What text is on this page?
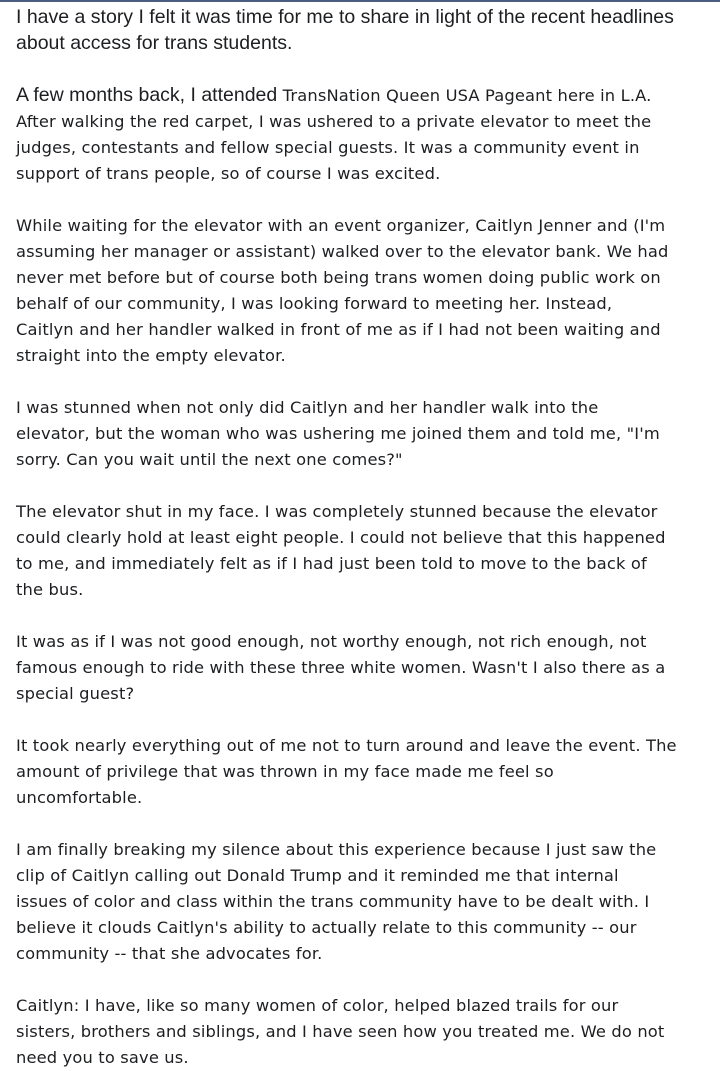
I have a story I felt it was time for me to share in light of the recent headlines
about access for trans students.

A few months back, I attended TransNation Queen USA Pageant here in L.A.
After walking the red carpet, I was ushered to a private elevator to meet the
judges, contestants and fellow special guests. It was a community event in
support of trans people, so of course I was excited.

While waiting for the elevator with an event organizer, Caitlyn Jenner and (I'm
assuming her manager or assistant) walked over to the elevator bank. We had
never met before but of course both being trans women doing public work on
behalf of our community, I was looking forward to meeting her. Instead,
Caitlyn and her handler walked in front of me as if I had not been waiting and
straight into the empty elevator.

I was stunned when not only did Caitlyn and her handler walk into the
elevator, but the woman who was ushering me joined them and told me, "I'm
sorry. Can you wait until the next one comes?"

The elevator shut in my face. I was completely stunned because the elevator
could clearly hold at least eight people. I could not believe that this happened
to me, and immediately felt as if I had just been told to move to the back of
the bus.

It was as if I was not good enough, not worthy enough, not rich enough, not
famous enough to ride with these three white women. Wasn't I also there as a
special guest?

It took nearly everything out of me not to turn around and leave the event. The
amount of privilege that was thrown in my face made me feel so
uncomfortable.

I am finally breaking my silence about this experience because I just saw the
clip of Caitlyn calling out Donald Trump and it reminded me that internal
issues of color and class within the trans community have to be dealt with. I
believe it clouds Caitlyn's ability to actually relate to this community -- our
community -- that she advocates for.

Caitlyn: I have, like so many women of color, helped blazed trails for our
sisters, brothers and siblings, and I have seen how you treated me. We do not
need you to save us.
